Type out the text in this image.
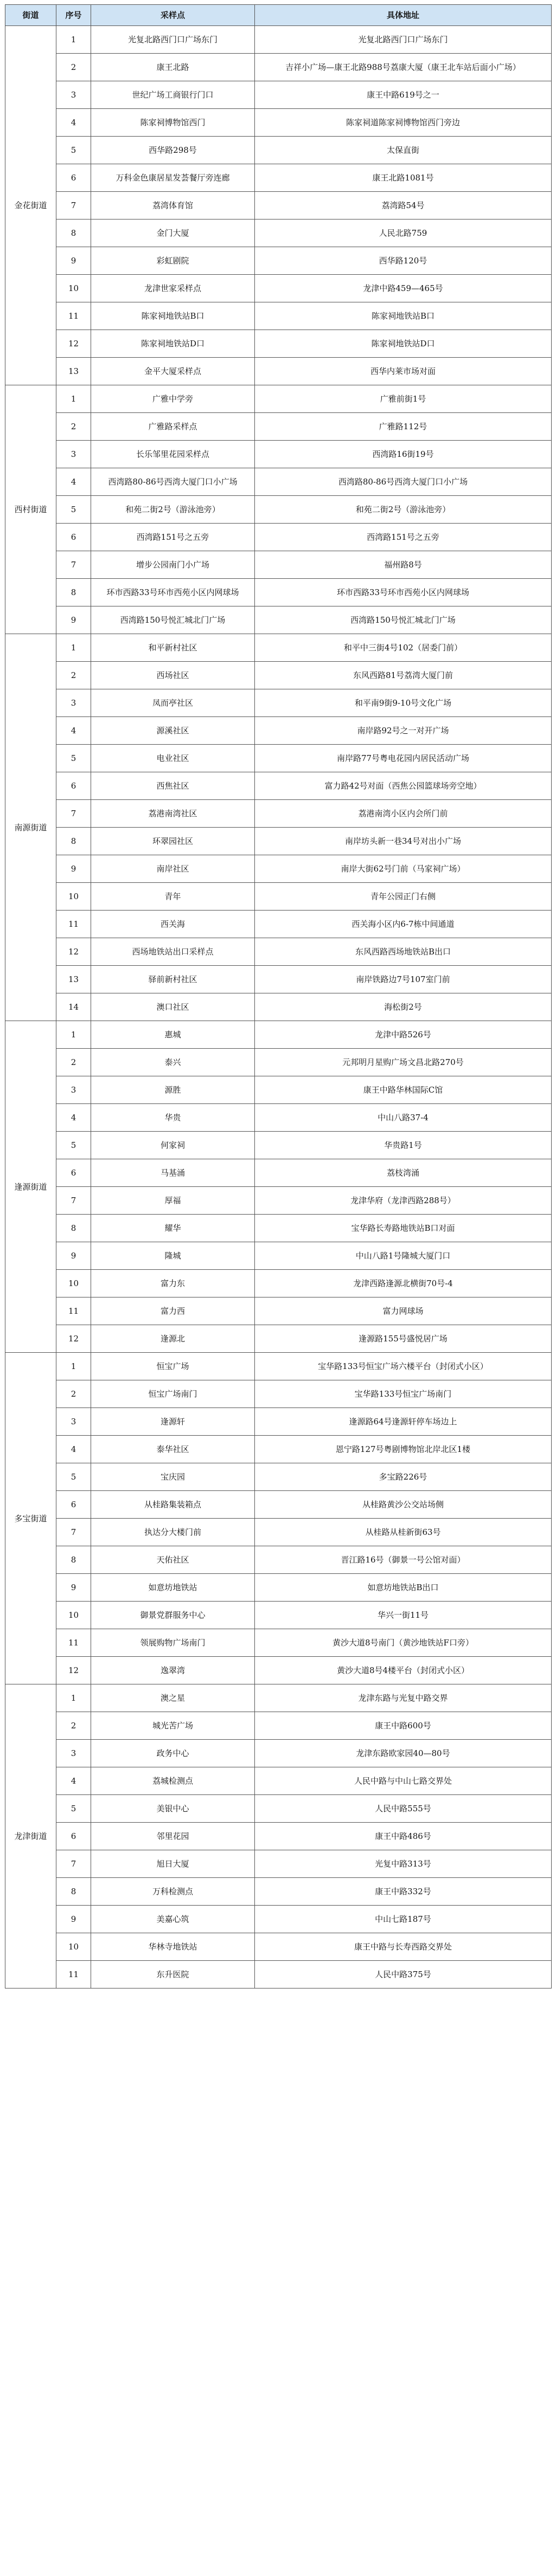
街道	序号	采样点	具体地址
金花街道	1	光复北路西门口广场东门	光复北路西门口广场东门
	2	康王北路	吉祥小广场—康王北路988号荔康大厦（康王北车站后面小广场）
	3	世纪广场工商银行门口	康王中路619号之一
	4	陈家祠博物馆西门	陈家祠道陈家祠博物馆西门旁边
	5	西华路298号	太保直街
	6	万科金色康居星发荟餐厅旁连廊	康王北路1081号
	7	荔湾体育馆	荔湾路54号
	8	金门大厦	人民北路759
	9	彩虹剧院	西华路120号
	10	龙津世家采样点	龙津中路459—465号
	11	陈家祠地铁站B口	陈家祠地铁站B口
	12	陈家祠地铁站D口	陈家祠地铁站D口
	13	金平大厦采样点	西华内莱市场对面
西村街道	1	广雅中学旁	广雅前街1号
	2	广雅路采样点	广雅路112号
	3	长乐邹里花园采样点	西湾路16街19号
	4	西湾路80-86号西湾大厦门口小广场	西湾路80-86号西湾大厦门口小广场
	5	和苑二街2号（游泳池旁）	和苑二街2号（游泳池旁）
	6	西湾路151号之五旁	西湾路151号之五旁
	7	增步公园南门小广场	福州路8号
	8	环市西路33号环市西苑小区内网球场	环市西路33号环市西苑小区内网球场
	9	西湾路150号悦汇城北门广场	西湾路150号悦汇城北门广场
南源街道	1	和平新村社区	和平中三街4号102（居委门前）
	2	西场社区	东风西路81号荔湾大厦门前
	3	凤而亭社区	和平南9街9-10号文化广场
	4	源溪社区	南岸路92号之一对开广场
	5	电业社区	南岸路77号粤电花园内居民活动广场
	6	西焦社区	富力路42号对面（西焦公园篮球场旁空地）
	7	荔港南湾社区	荔港南湾小区内会所门前
	8	环翠园社区	南岸坊头新一巷34号对出小广场
	9	南岸社区	南岸大街62号门前（马家祠广场）
	10	青年	青年公园正门右侧
	11	西关海	西关海小区内6-7栋中间通道
	12	西场地铁站出口采样点	东风西路西场地铁站B出口
	13	驿前新村社区	南岸铁路边7号107室门前
	14	澳口社区	海松街2号
逢源街道	1	惠城	龙津中路526号
	2	泰兴	元邦明月星购广场文昌北路270号
	3	源胜	康王中路华林国际C馆
	4	华贵	中山八路37-4
	5	何家祠	华贵路1号
	6	马基涌	荔枝湾涌
	7	厚福	龙津华府（龙津西路288号）
	8	耀华	宝华路长寿路地铁站B口对面
	9	隆城	中山八路1号隆城大厦门口
	10	富力东	龙津西路逢源北横街70号-4
	11	富力西	富力网球场
	12	逢源北	逢源路155号盛悦居广场
多宝街道	1	恒宝广场	宝华路133号恒宝广场六楼平台（封闭式小区）
	2	恒宝广场南门	宝华路133号恒宝广场南门
	3	逢源轩	逢源路64号逢源轩停车场边上
	4	泰华社区	恩宁路127号粤剧博物馆北岸北区1楼
	5	宝庆园	多宝路226号
	6	从桂路集装箱点	从桂路黄沙公交站场侧
	7	执达分大楼门前	从桂路从桂新街63号
	8	天佑社区	晋江路16号（御景一号公馆对面）
	9	如意坊地铁站	如意坊地铁站B出口
	10	御景党群服务中心	华兴一街11号
	11	领展购物广场南门	黄沙大道8号南门（黄沙地铁站F口旁）
	12	逸翠湾	黄沙大道8号4楼平台（封闭式小区）
龙津街道	1	澳之星	龙津东路与光复中路交界
	2	城光苦广场	康王中路600号
	3	政务中心	龙津东路欧家园40—80号
	4	荔城检测点	人民中路与中山七路交界处
	5	美银中心	人民中路555号
	6	邻里花园	康王中路486号
	7	旭日大厦	光复中路313号
	8	万科检测点	康王中路332号
	9	美嘉心筑	中山七路187号
	10	华林寺地铁站	康王中路与长寿西路交界处
	11	东升医院	人民中路375号
